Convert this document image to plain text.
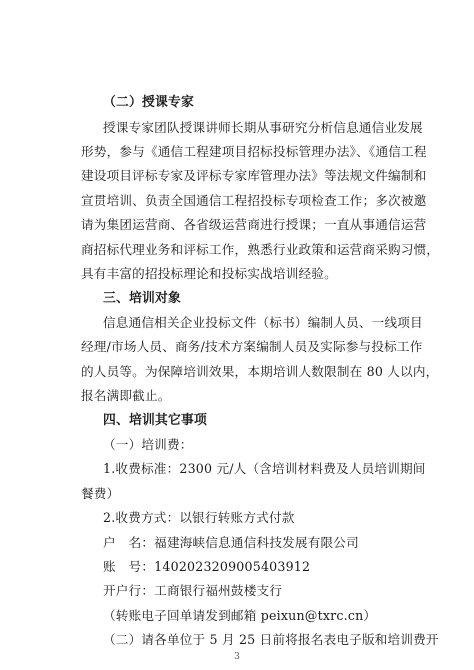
（二）授课专家
授课专家团队授课讲师长期从事研究分析信息通信业发展
形势，参与《通信工程建项目招标投标管理办法》、《通信工程
建设项目评标专家及评标专家库管理办法》等法规文件编制和
宣贯培训、负责全国通信工程招投标专项检查工作；多次被邀
请为集团运营商、各省级运营商进行授课；一直从事通信运营
商招标代理业务和评标工作，熟悉行业政策和运营商采购习惯，
具有丰富的招投标理论和投标实战培训经验。
三、培训对象
信息通信相关企业投标文件（标书）编制人员、一线项目
经理/市场人员、商务/技术方案编制人员及实际参与投标工作
的人员等。为保障培训效果，本期培训人数限制在 80 人以内，
报名满即截止。
四、培训其它事项
（一）培训费：
1.收费标准：2300 元/人（含培训材料费及人员培训期间
餐费）
2.收费方式：以银行转账方式付款
户　名：福建海峡信息通信科技发展有限公司
账　号：1402023209005403912
开户行：工商银行福州鼓楼支行
（转账电子回单请发到邮箱 peixun@txrc.cn）
（二）请各单位于 5 月 25 日前将报名表电子版和培训费开
3
